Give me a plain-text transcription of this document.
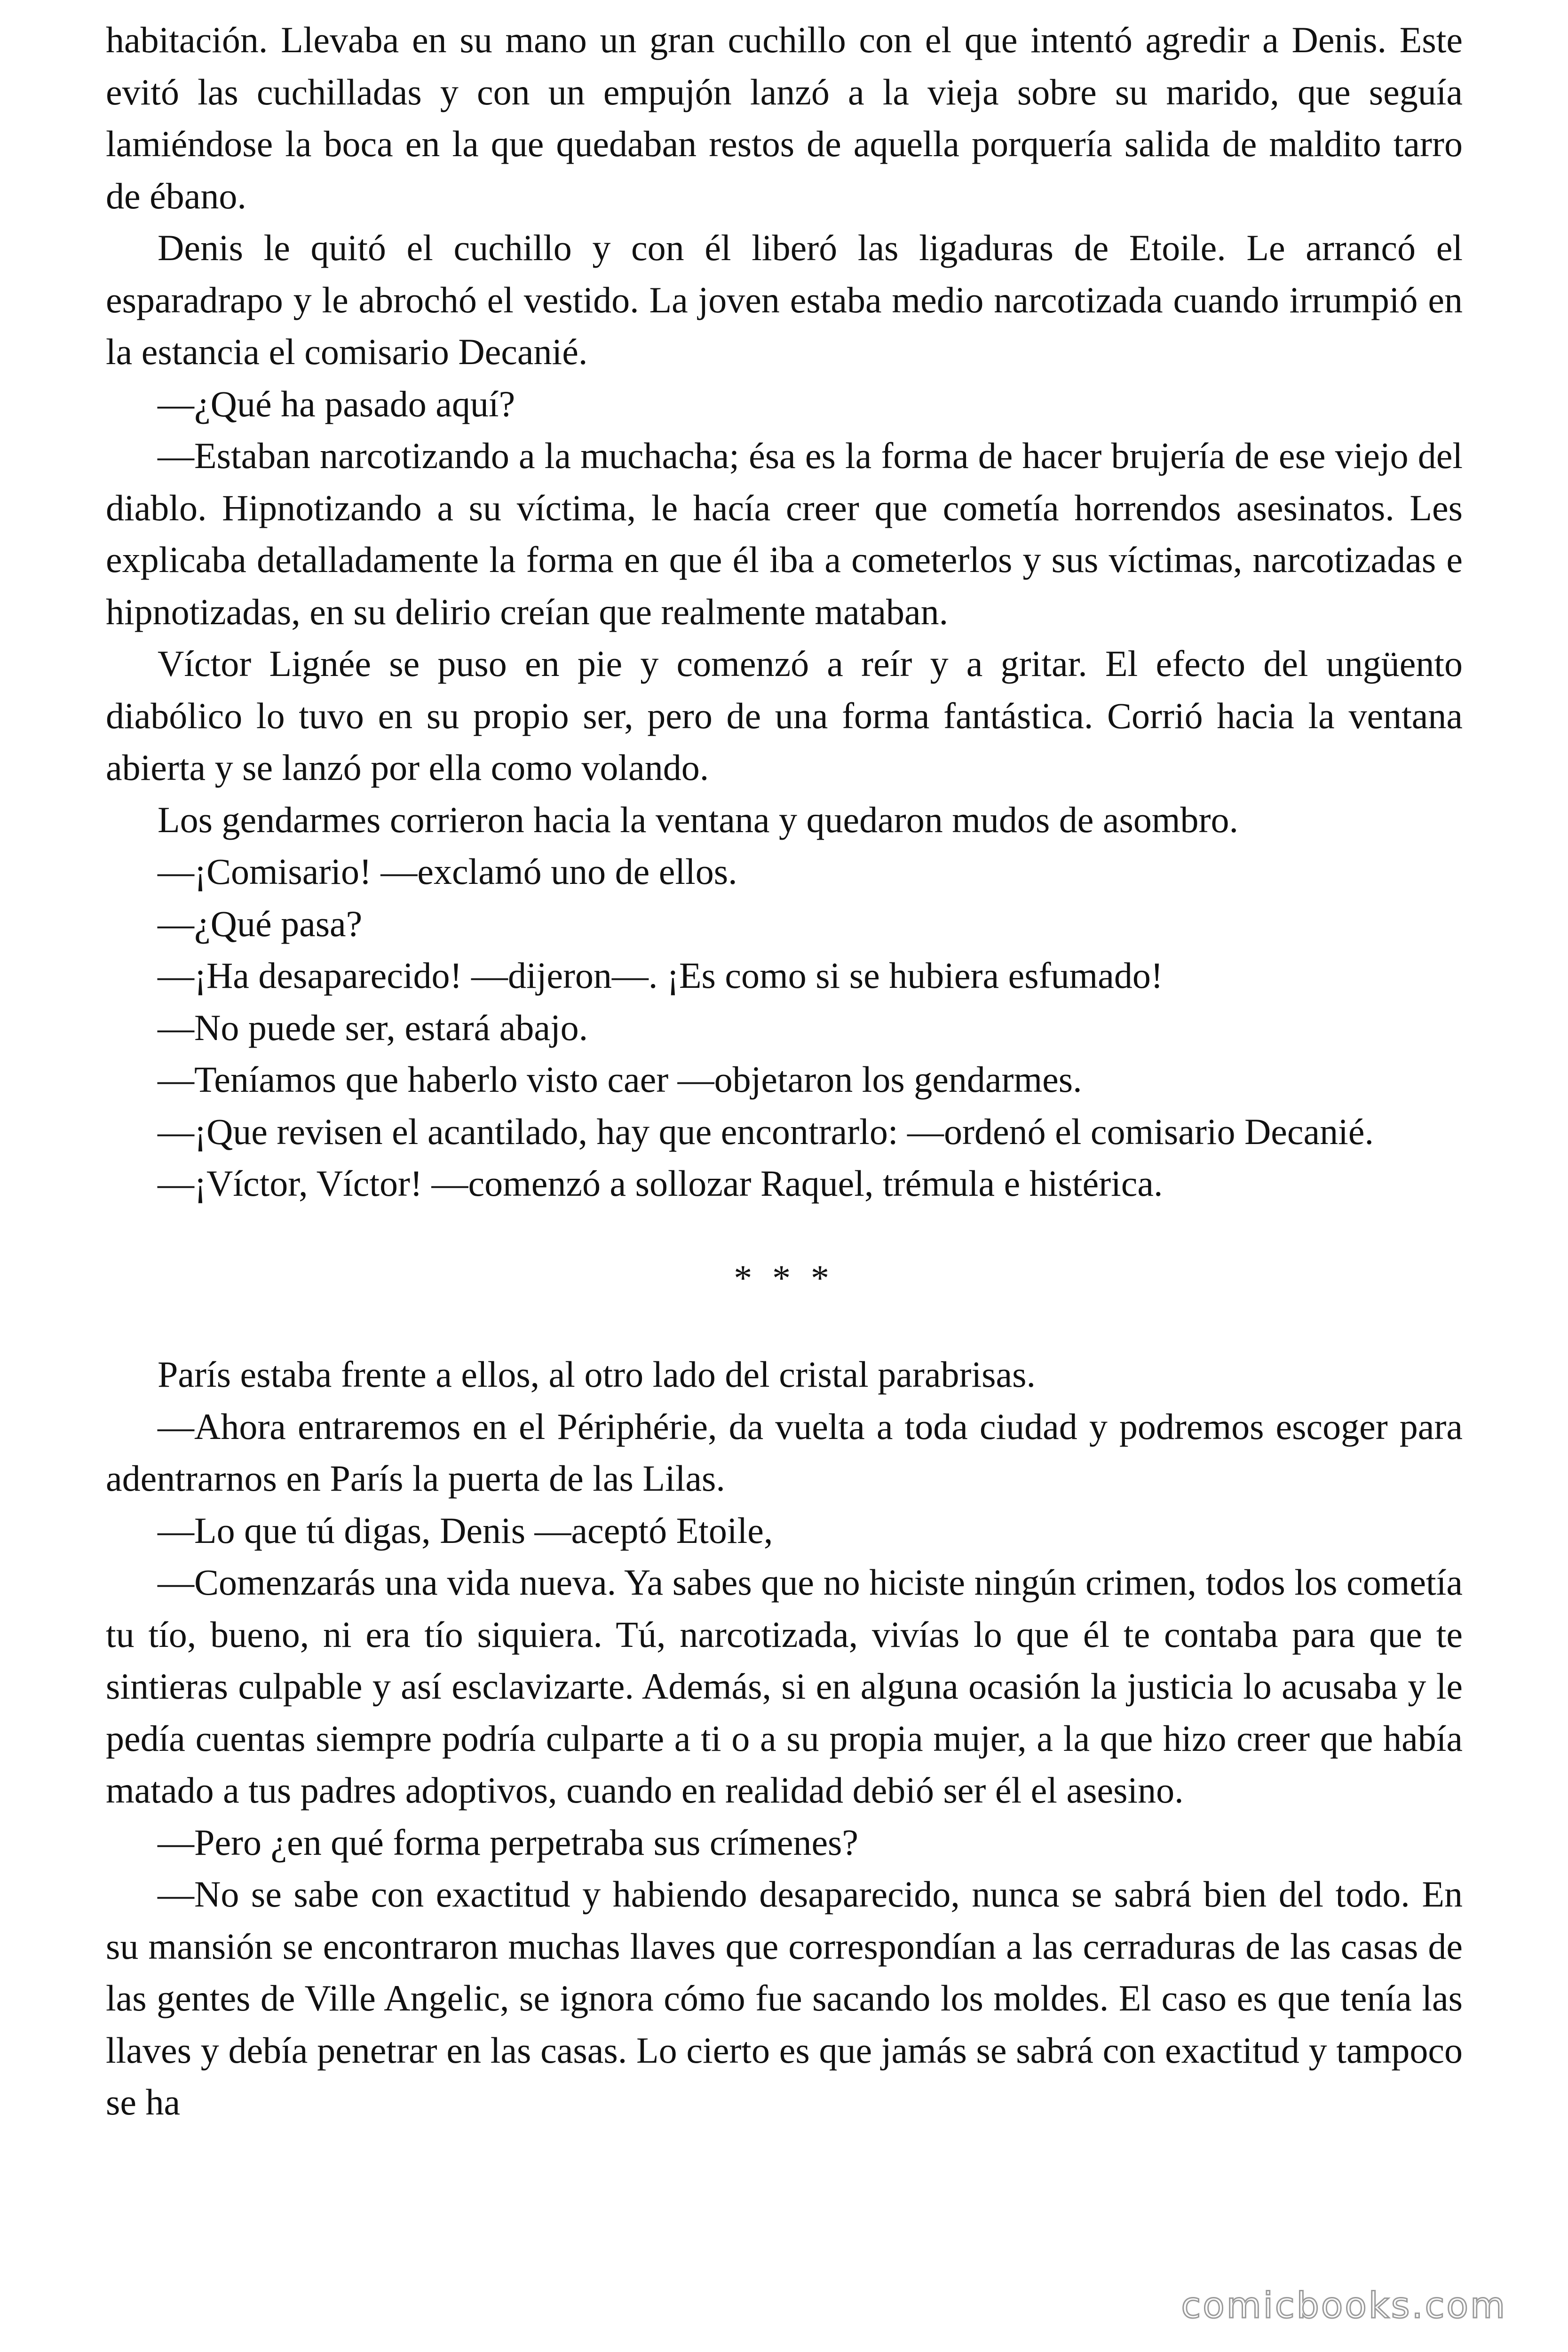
habitación. Llevaba en su mano un gran cuchillo con el que intentó agredir a Denis. Este evitó las cuchilladas y con un empujón lanzó a la vieja sobre su marido, que seguía lamiéndose la boca en la que quedaban restos de aquella porquería salida de maldito tarro de ébano.

Denis le quitó el cuchillo y con él liberó las ligaduras de Etoile. Le arrancó el esparadrapo y le abrochó el vestido. La joven estaba medio narcotizada cuando irrumpió en la estancia el comisario Decanié.

—¿Qué ha pasado aquí?

—Estaban narcotizando a la muchacha; ésa es la forma de hacer brujería de ese viejo del diablo. Hipnotizando a su víctima, le hacía creer que cometía horrendos asesinatos. Les explicaba detalladamente la forma en que él iba a cometerlos y sus víctimas, narcotizadas e hipnotizadas, en su delirio creían que realmente mataban.

Víctor Lignée se puso en pie y comenzó a reír y a gritar. El efecto del ungüento diabólico lo tuvo en su propio ser, pero de una forma fantástica. Corrió hacia la ventana abierta y se lanzó por ella como volando.

Los gendarmes corrieron hacia la ventana y quedaron mudos de asombro.

—¡Comisario! —exclamó uno de ellos.

—¿Qué pasa?

—¡Ha desaparecido! —dijeron—. ¡Es como si se hubiera esfumado!

—No puede ser, estará abajo.

—Teníamos que haberlo visto caer —objetaron los gendarmes.

—¡Que revisen el acantilado, hay que encontrarlo: —ordenó el comisario Decanié.

—¡Víctor, Víctor! —comenzó a sollozar Raquel, trémula e histérica.

* * *

París estaba frente a ellos, al otro lado del cristal parabrisas.

—Ahora entraremos en el Périphérie, da vuelta a toda ciudad y podremos escoger para adentrarnos en París la puerta de las Lilas.

—Lo que tú digas, Denis —aceptó Etoile,

—Comenzarás una vida nueva. Ya sabes que no hiciste ningún crimen, todos los cometía tu tío, bueno, ni era tío siquiera. Tú, narcotizada, vivías lo que él te contaba para que te sintieras culpable y así esclavizarte. Además, si en alguna ocasión la justicia lo acusaba y le pedía cuentas siempre podría culparte a ti o a su propia mujer, a la que hizo creer que había matado a tus padres adoptivos, cuando en realidad debió ser él el asesino.

—Pero ¿en qué forma perpetraba sus crímenes?

—No se sabe con exactitud y habiendo desaparecido, nunca se sabrá bien del todo. En su mansión se encontraron muchas llaves que correspondían a las cerraduras de las casas de las gentes de Ville Angelic, se ignora cómo fue sacando los moldes. El caso es que tenía las llaves y debía penetrar en las casas. Lo cierto es que jamás se sabrá con exactitud y tampoco se ha

comicbooks.com
